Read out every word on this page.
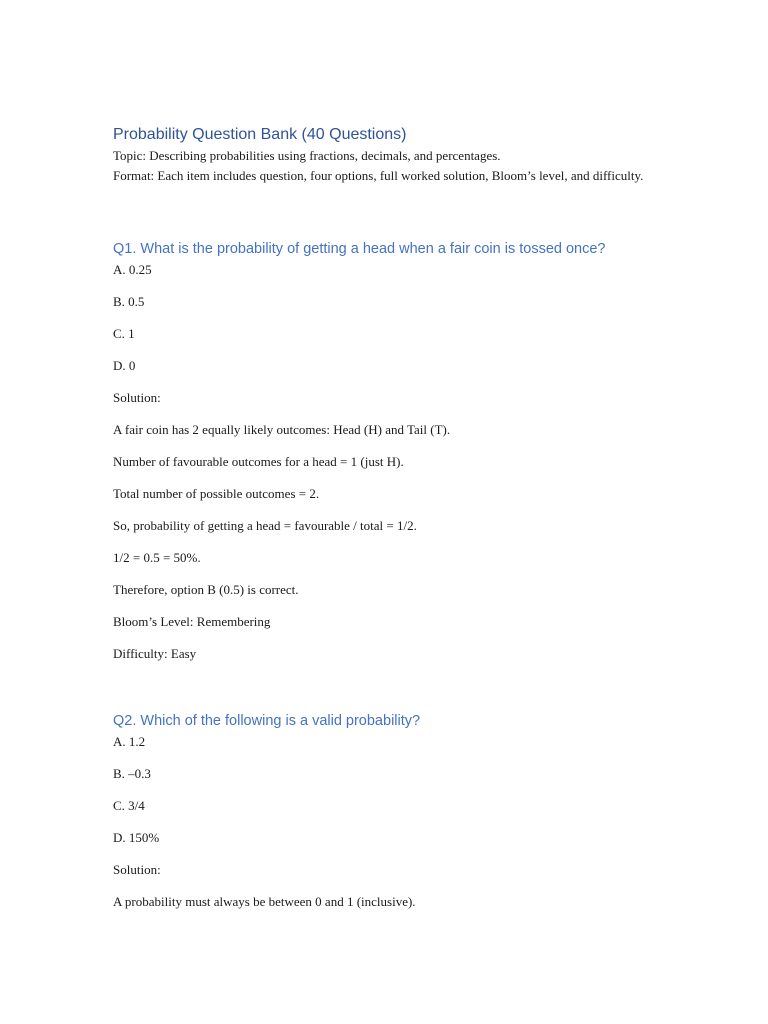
Probability Question Bank (40 Questions)

Topic: Describing probabilities using fractions, decimals, and percentages.

Format: Each item includes question, four options, full worked solution, Bloom’s level, and difficulty.

Q1. What is the probability of getting a head when a fair coin is tossed once?

A. 0.25

B. 0.5

C. 1

D. 0

Solution:

A fair coin has 2 equally likely outcomes: Head (H) and Tail (T).

Number of favourable outcomes for a head = 1 (just H).

Total number of possible outcomes = 2.

So, probability of getting a head = favourable / total = 1/2.

1/2 = 0.5 = 50%.

Therefore, option B (0.5) is correct.

Bloom’s Level: Remembering

Difficulty: Easy

Q2. Which of the following is a valid probability?

A. 1.2

B. –0.3

C. 3/4

D. 150%

Solution:

A probability must always be between 0 and 1 (inclusive).
